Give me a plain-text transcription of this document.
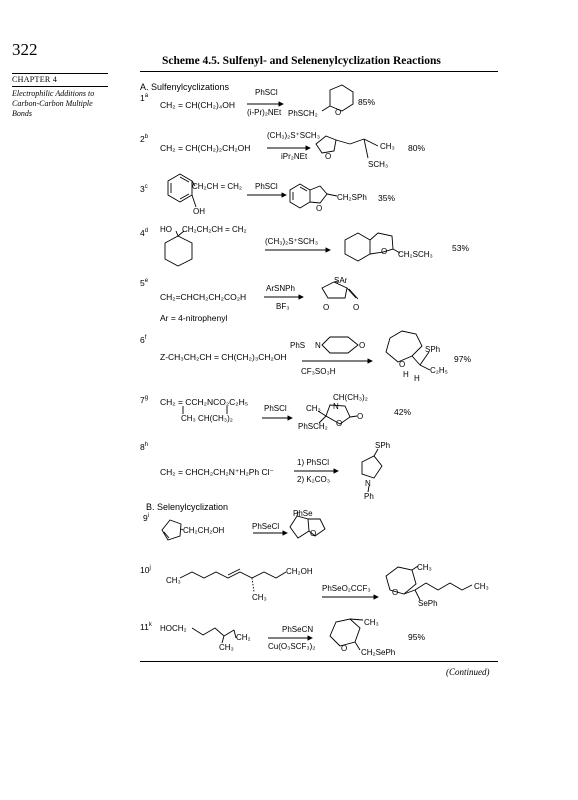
322
Scheme 4.5. Sulfenyl- and Selenenylcyclization Reactions
CHAPTER 4
Electrophilic Additions to Carbon-Carbon Multiple Bonds
A. Sulfenylcyclizations
1$^a$
2$^b$
3$^c$
4$^d$
5e
6$^f$
7$^g$
8$^h$
B. Selenylcyclization
9$^i$
10$^j$
11$^k$
CH₂ = CH(CH₂)₄OH
PhSCl
(i-Pr)₂NEt PhSCH₂ O
85%
CH₂ = CH(CH₂)₂CH₂OH
(CH₃)₂S⁺SCH₃
iPr₂NEt O
CH₃
SCH₃
80%
CH₂CH = CH₂
OH
PhSCl
O
CH₂SPh 35%
HO CH₂CH₂CH = CH₂
(CH₃)₂S⁺SCH₃
O CH₂SCH₃
53%
CH₂=CHCH₂CH₂CO₂H
ArSNPh
BF₃
Ar = 4-nitrophenyl
SAr
O	O
PhS N	O
Z-CH₃CH₂CH = CH(CH₂)₃CH₂OH
CF₃SO₃H
O
SPh
H H
C₂H₅
97%
CH₂ = CCH₂NCO₂C₂H₅
CH₃ CH(CH₃)₂
PhSCl
CH(CH₃)₂
N
CH₃
O
O
PhSCH₂
42%
CH₂ = CHCH₂CH₂N⁺H₂Ph Cl⁻
1) PhSCl
2) K₂CO₃
SPh
N
Ph
CH₂CH₂OH	PhSeCl
PhSe
O
CH₃
CH₂OH
CH₃
PhSeO₂CCF₃
CH₃
O
CH₃
SePh
HOCH₂
CH₂
CH₃
PhSeCN
Cu(O₃SCF₃)₂
CH₃
O CH₂SePh
95%
(Continued)
